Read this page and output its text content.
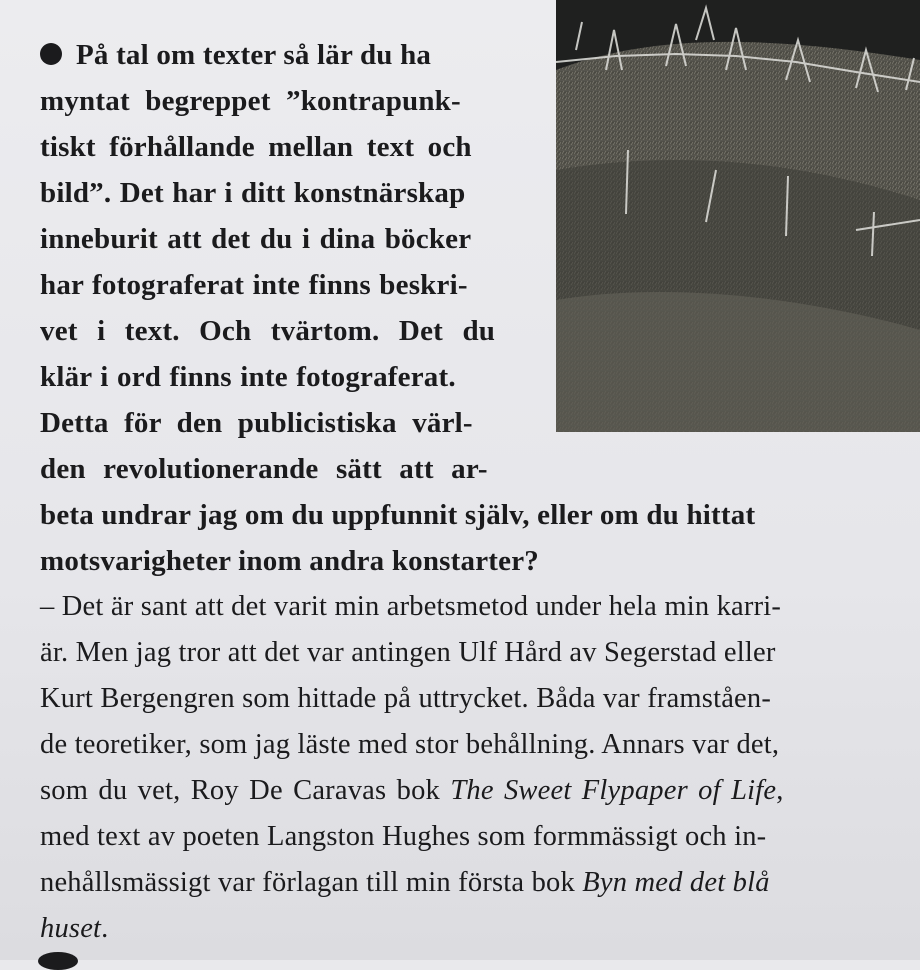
På tal om texter så lär du ha
myntat begreppet ”kontrapunk-
tiskt förhållande mellan text och
bild”. Det har i ditt konstnärskap
inneburit att det du i dina böcker
har fotograferat inte finns beskri-
vet i text. Och tvärtom. Det du
klär i ord finns inte fotograferat.
Detta för den publicistiska värl-
den revolutionerande sätt att ar-
beta undrar jag om du uppfunnit själv, eller om du hittat
motsvarigheter inom andra konstarter?
– Det är sant att det varit min arbetsmetod under hela min karri-
är. Men jag tror att det var antingen Ulf Hård av Segerstad eller
Kurt Bergengren som hittade på uttrycket. Båda var framståen-
de teoretiker, som jag läste med stor behållning. Annars var det,
som du vet, Roy De Caravas bok The Sweet Flypaper of Life,
med text av poeten Langston Hughes som formmässigt och in-
nehållsmässigt var förlagan till min första bok Byn med det blå
huset.
